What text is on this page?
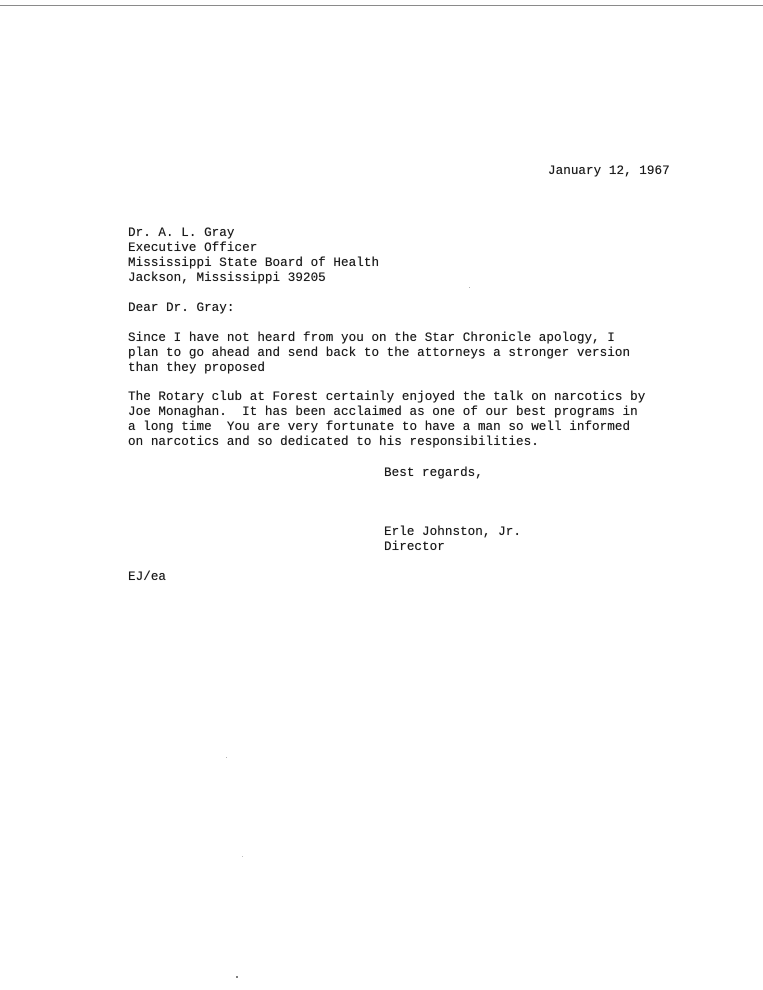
January 12, 1967
Dr. A. L. Gray
Executive Officer
Mississippi State Board of Health
Jackson, Mississippi 39205
Dear Dr. Gray:
Since I have not heard from you on the Star Chronicle apology, I
plan to go ahead and send back to the attorneys a stronger version
than they proposed
The Rotary club at Forest certainly enjoyed the talk on narcotics by
Joe Monaghan.  It has been acclaimed as one of our best programs in
a long time  You are very fortunate to have a man so well informed
on narcotics and so dedicated to his responsibilities.
Best regards,
Erle Johnston, Jr.
Director
EJ/ea
